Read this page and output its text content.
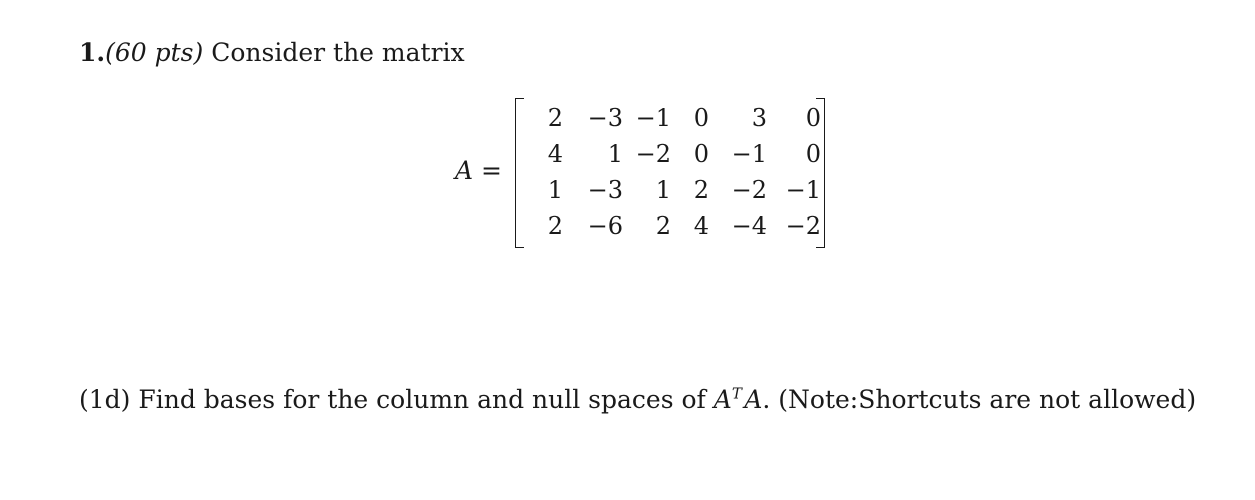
1.(60 pts) Consider the matrix
A =
2	−3 −1 0	3	0
4	1 −2 0 −1	0
1	−3	1 2 −2 −1
2	−6	2 4 −4 −2
(1d) Find bases for the column and null spaces of $A^T$  A. (Note:Shortcuts are not allowed)
